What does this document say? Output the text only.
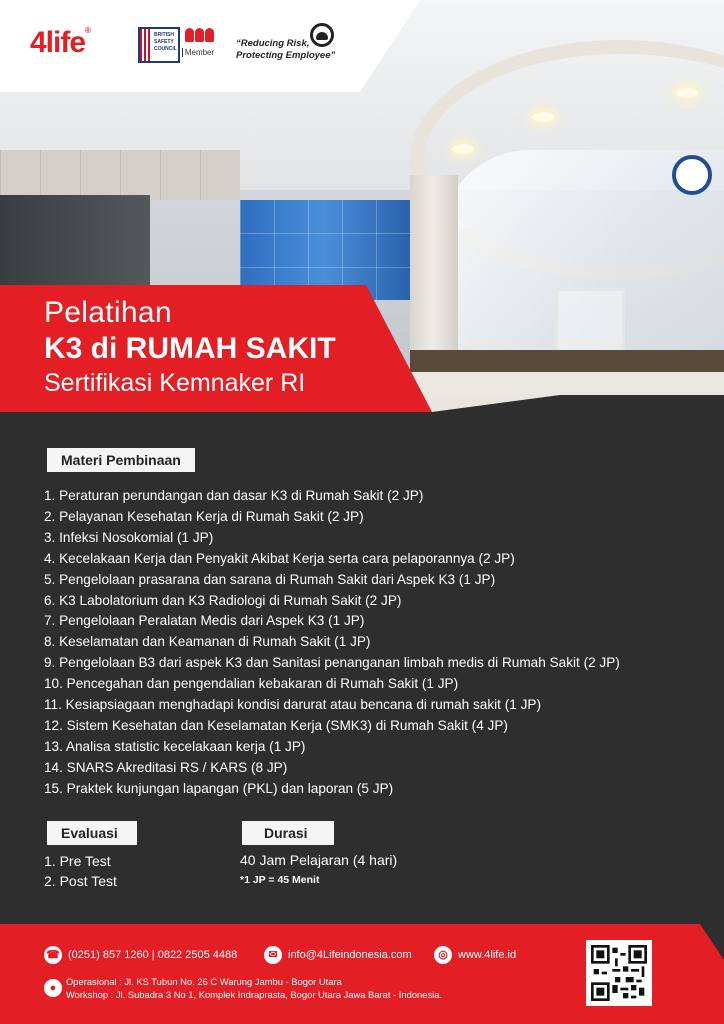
4life®	BRITISH
SAFETY
COUNCIL	Member
“Reducing Risk,
Protecting Employee”
Pelatihan
K3 di RUMAH SAKIT
Sertifikasi Kemnaker RI
Materi Pembinaan
1. Peraturan perundangan dan dasar K3 di Rumah Sakit (2 JP)
2. Pelayanan Kesehatan Kerja di Rumah Sakit (2 JP)
3. Infeksi Nosokomial (1 JP)
4. Kecelakaan Kerja dan Penyakit Akibat Kerja serta cara pelaporannya (2 JP)
5. Pengelolaan prasarana dan sarana di Rumah Sakit dari Aspek K3 (1 JP)
6. K3 Labolatorium dan K3 Radiologi di Rumah Sakit (2 JP)
7. Pengelolaan Peralatan Medis dari Aspek K3 (1 JP)
8. Keselamatan dan Keamanan di Rumah Sakit (1 JP)
9. Pengelolaan B3 dari aspek K3 dan Sanitasi penanganan limbah medis di Rumah Sakit (2 JP)
10. Pencegahan dan pengendalian kebakaran di Rumah Sakit (1 JP)
11. Kesiapsiagaan menghadapi kondisi darurat atau bencana di rumah sakit (1 JP)
12. Sistem Kesehatan dan Keselamatan Kerja (SMK3) di Rumah Sakit (4 JP)
13. Analisa statistic kecelakaan kerja (1 JP)
14. SNARS Akreditasi RS / KARS (8 JP)
15. Praktek kunjungan lapangan (PKL) dan laporan (5 JP)
Evaluasi
1. Pre Test
2. Post Test
Durasi
40 Jam Pelajaran (4 hari)
*1 JP = 45 Menit
☎ (0251) 857 1260 | 0822 2505 4488	✉ info@4Lifeindonesia.com	◎ www.4life.id
●
Operasional : Jl. KS Tubun No. 26 C Warung Jambu - Bogor Utara
Workshop : Jl. Subadra 3 No 1, Komplek Indraprasta, Bogor Utara Jawa Barat - Indonesia.
